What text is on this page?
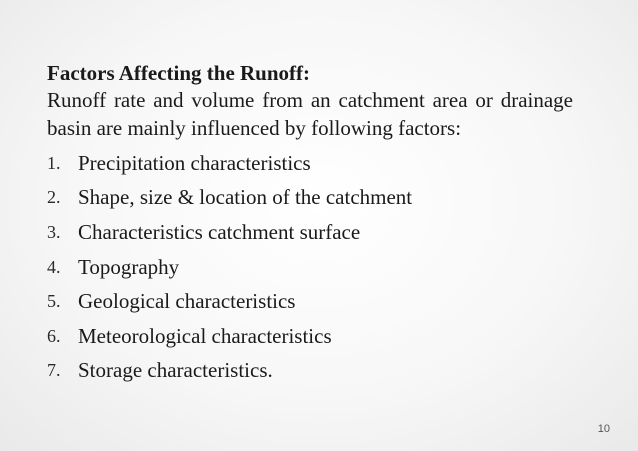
Factors Affecting the Runoff:

Runoff rate and volume from an catchment area or drainage basin are mainly influenced by following factors:

1. Precipitation characteristics
2. Shape, size & location of the catchment
3. Characteristics catchment surface
4. Topography
5. Geological characteristics
6. Meteorological characteristics
7. Storage characteristics.
10
